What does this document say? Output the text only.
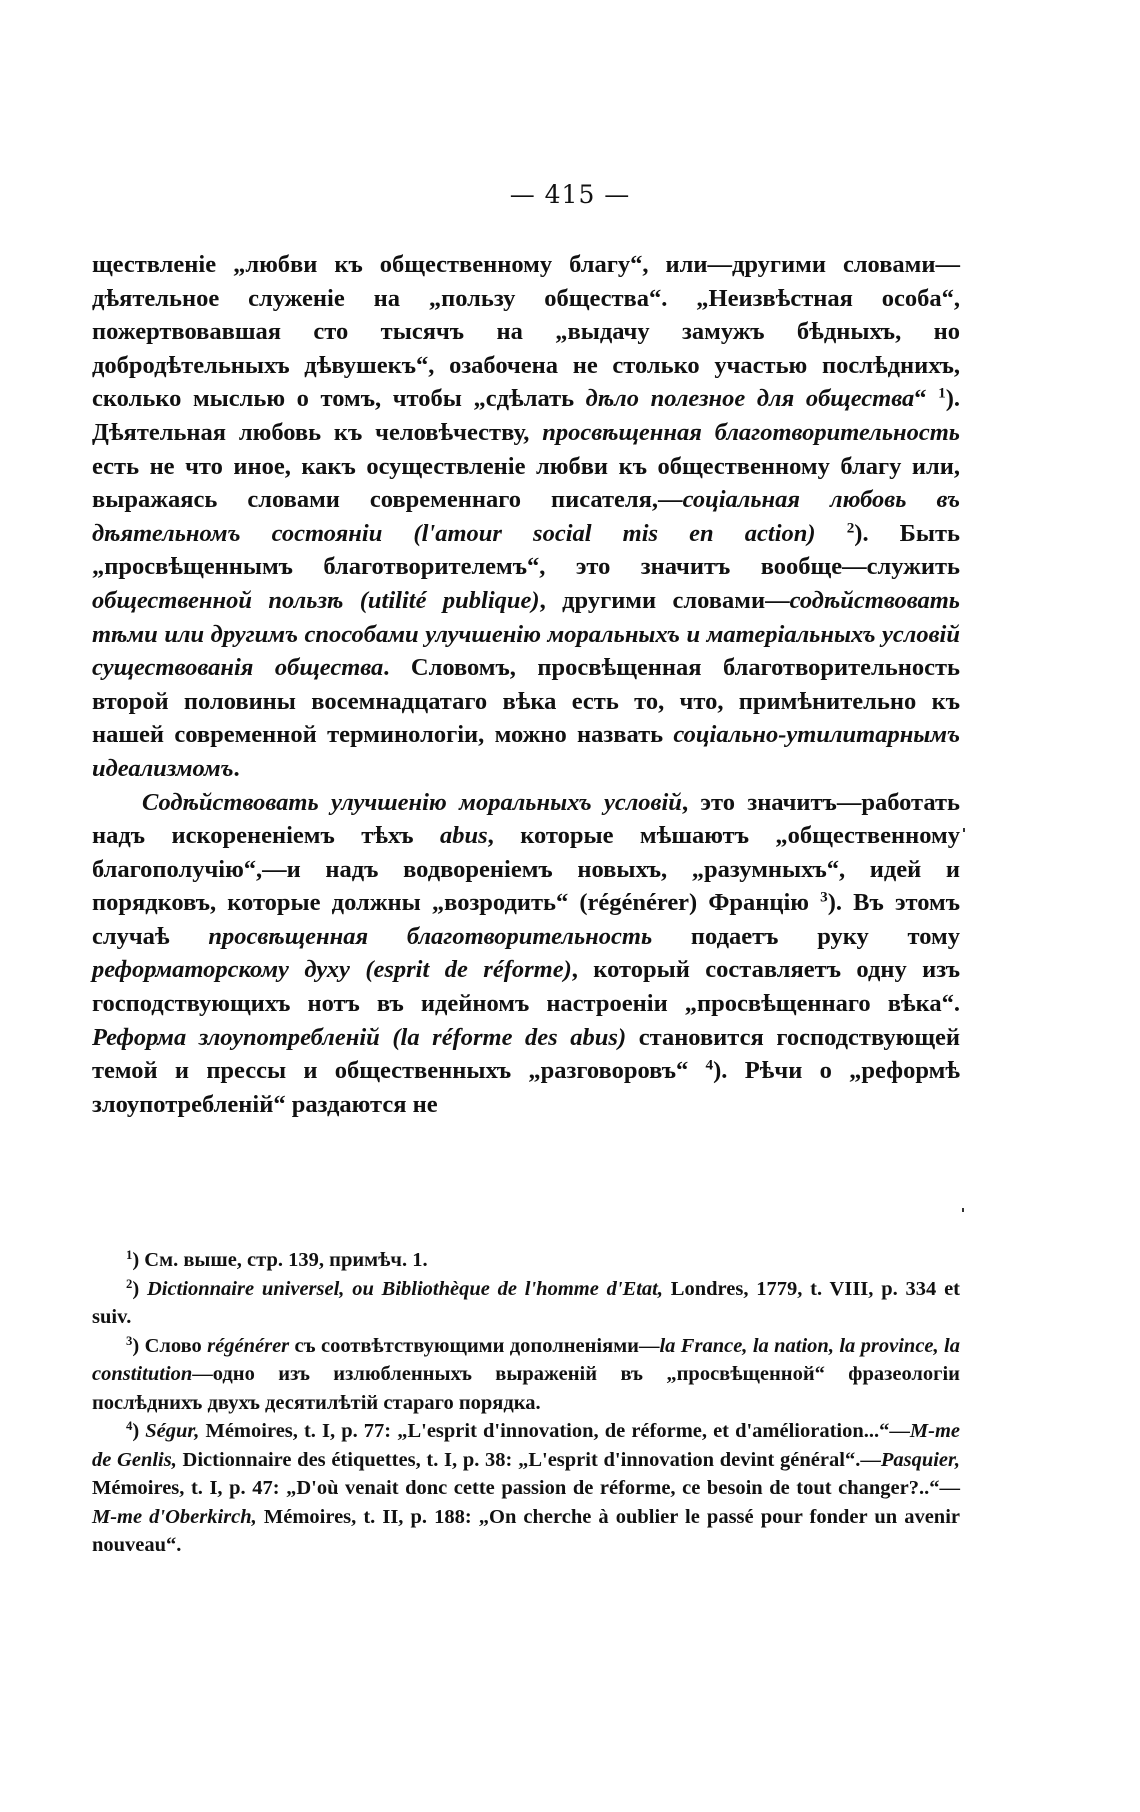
— 415 —

ществленіе „любви къ общественному благу“, или—другими словами—дѣятельное служеніе на „пользу общества“. „Неизвѣстная особа“, пожертвовавшая сто тысячъ на „выдачу замужъ бѣдныхъ, но добродѣтельныхъ дѣвушекъ“, озабочена не столько участью послѣднихъ, сколько мыслью о томъ, чтобы „сдѣлать дѣло полезное для общества“ $^1$). Дѣятельная любовь къ человѣчеству, просвѣщенная благотворительность есть не что иное, какъ осуществленіе любви къ общественному благу или, выражаясь словами современнаго писателя,—соціальная любовь въ дѣятельномъ состояніи (l'amour social mis en action) $^2$). Быть „просвѣщеннымъ благотворителемъ“, это значитъ вообще—служить общественной пользѣ (utilité publique), другими словами—содѣйствовать тѣми или другимъ способами улучшенію моральныхъ и матеріальныхъ условій существованія общества. Словомъ, просвѣщенная благотворительность второй половины восемнадцатаго вѣка есть то, что, примѣнительно къ нашей современной терминологіи, можно назвать соціально-утилитарнымъ идеализмомъ.

Содѣйствовать улучшенію моральныхъ условій, это значитъ—работать надъ искорененіемъ тѣхъ abus, которые мѣшаютъ „общественному благополучію“,—и надъ водвореніемъ новыхъ, „разумныхъ“, идей и порядковъ, которые должны „возродить“ (régénérer) Францію $^3$). Въ этомъ случаѣ просвѣщенная благотворительность подаетъ руку тому реформаторскому духу (esprit de réforme), который составляетъ одну изъ господствующихъ нотъ въ идейномъ настроеніи „просвѣщеннаго вѣка“. Реформа злоупотребленій (la réforme des abus) становится господствующей темой и прессы и общественныхъ „разговоровъ“ $^4$). Рѣчи о „реформѣ злоупотребленій“ раздаются не

$^1$) См. выше, стр. 139, примѣч. 1.

$^2$) Dictionnaire universel, ou Bibliothèque de l'homme d'Etat, Londres, 1779, t. VIII, p. 334 et suiv.

$^3$) Слово régénérer съ соотвѣтствующими дополненіями—la France, la nation, la province, la constitution—одно изъ излюбленныхъ выраженій въ „просвѣщенной“ фразеологіи послѣднихъ двухъ десятилѣтій стараго порядка.

$^4$) Ségur, Mémoires, t. I, p. 77: „L'esprit d'innovation, de réforme, et d'amélioration...“—M-me de Genlis, Dictionnaire des étiquettes, t. I, p. 38: „L'esprit d'innovation devint général“.—Pasquier, Mémoires, t. I, p. 47: „D'où venait donc cette passion de réforme, ce besoin de tout changer?..“—M-me d'Oberkirch, Mémoires, t. II, p. 188: „On cherche à oublier le passé pour fonder un avenir nouveau“.
